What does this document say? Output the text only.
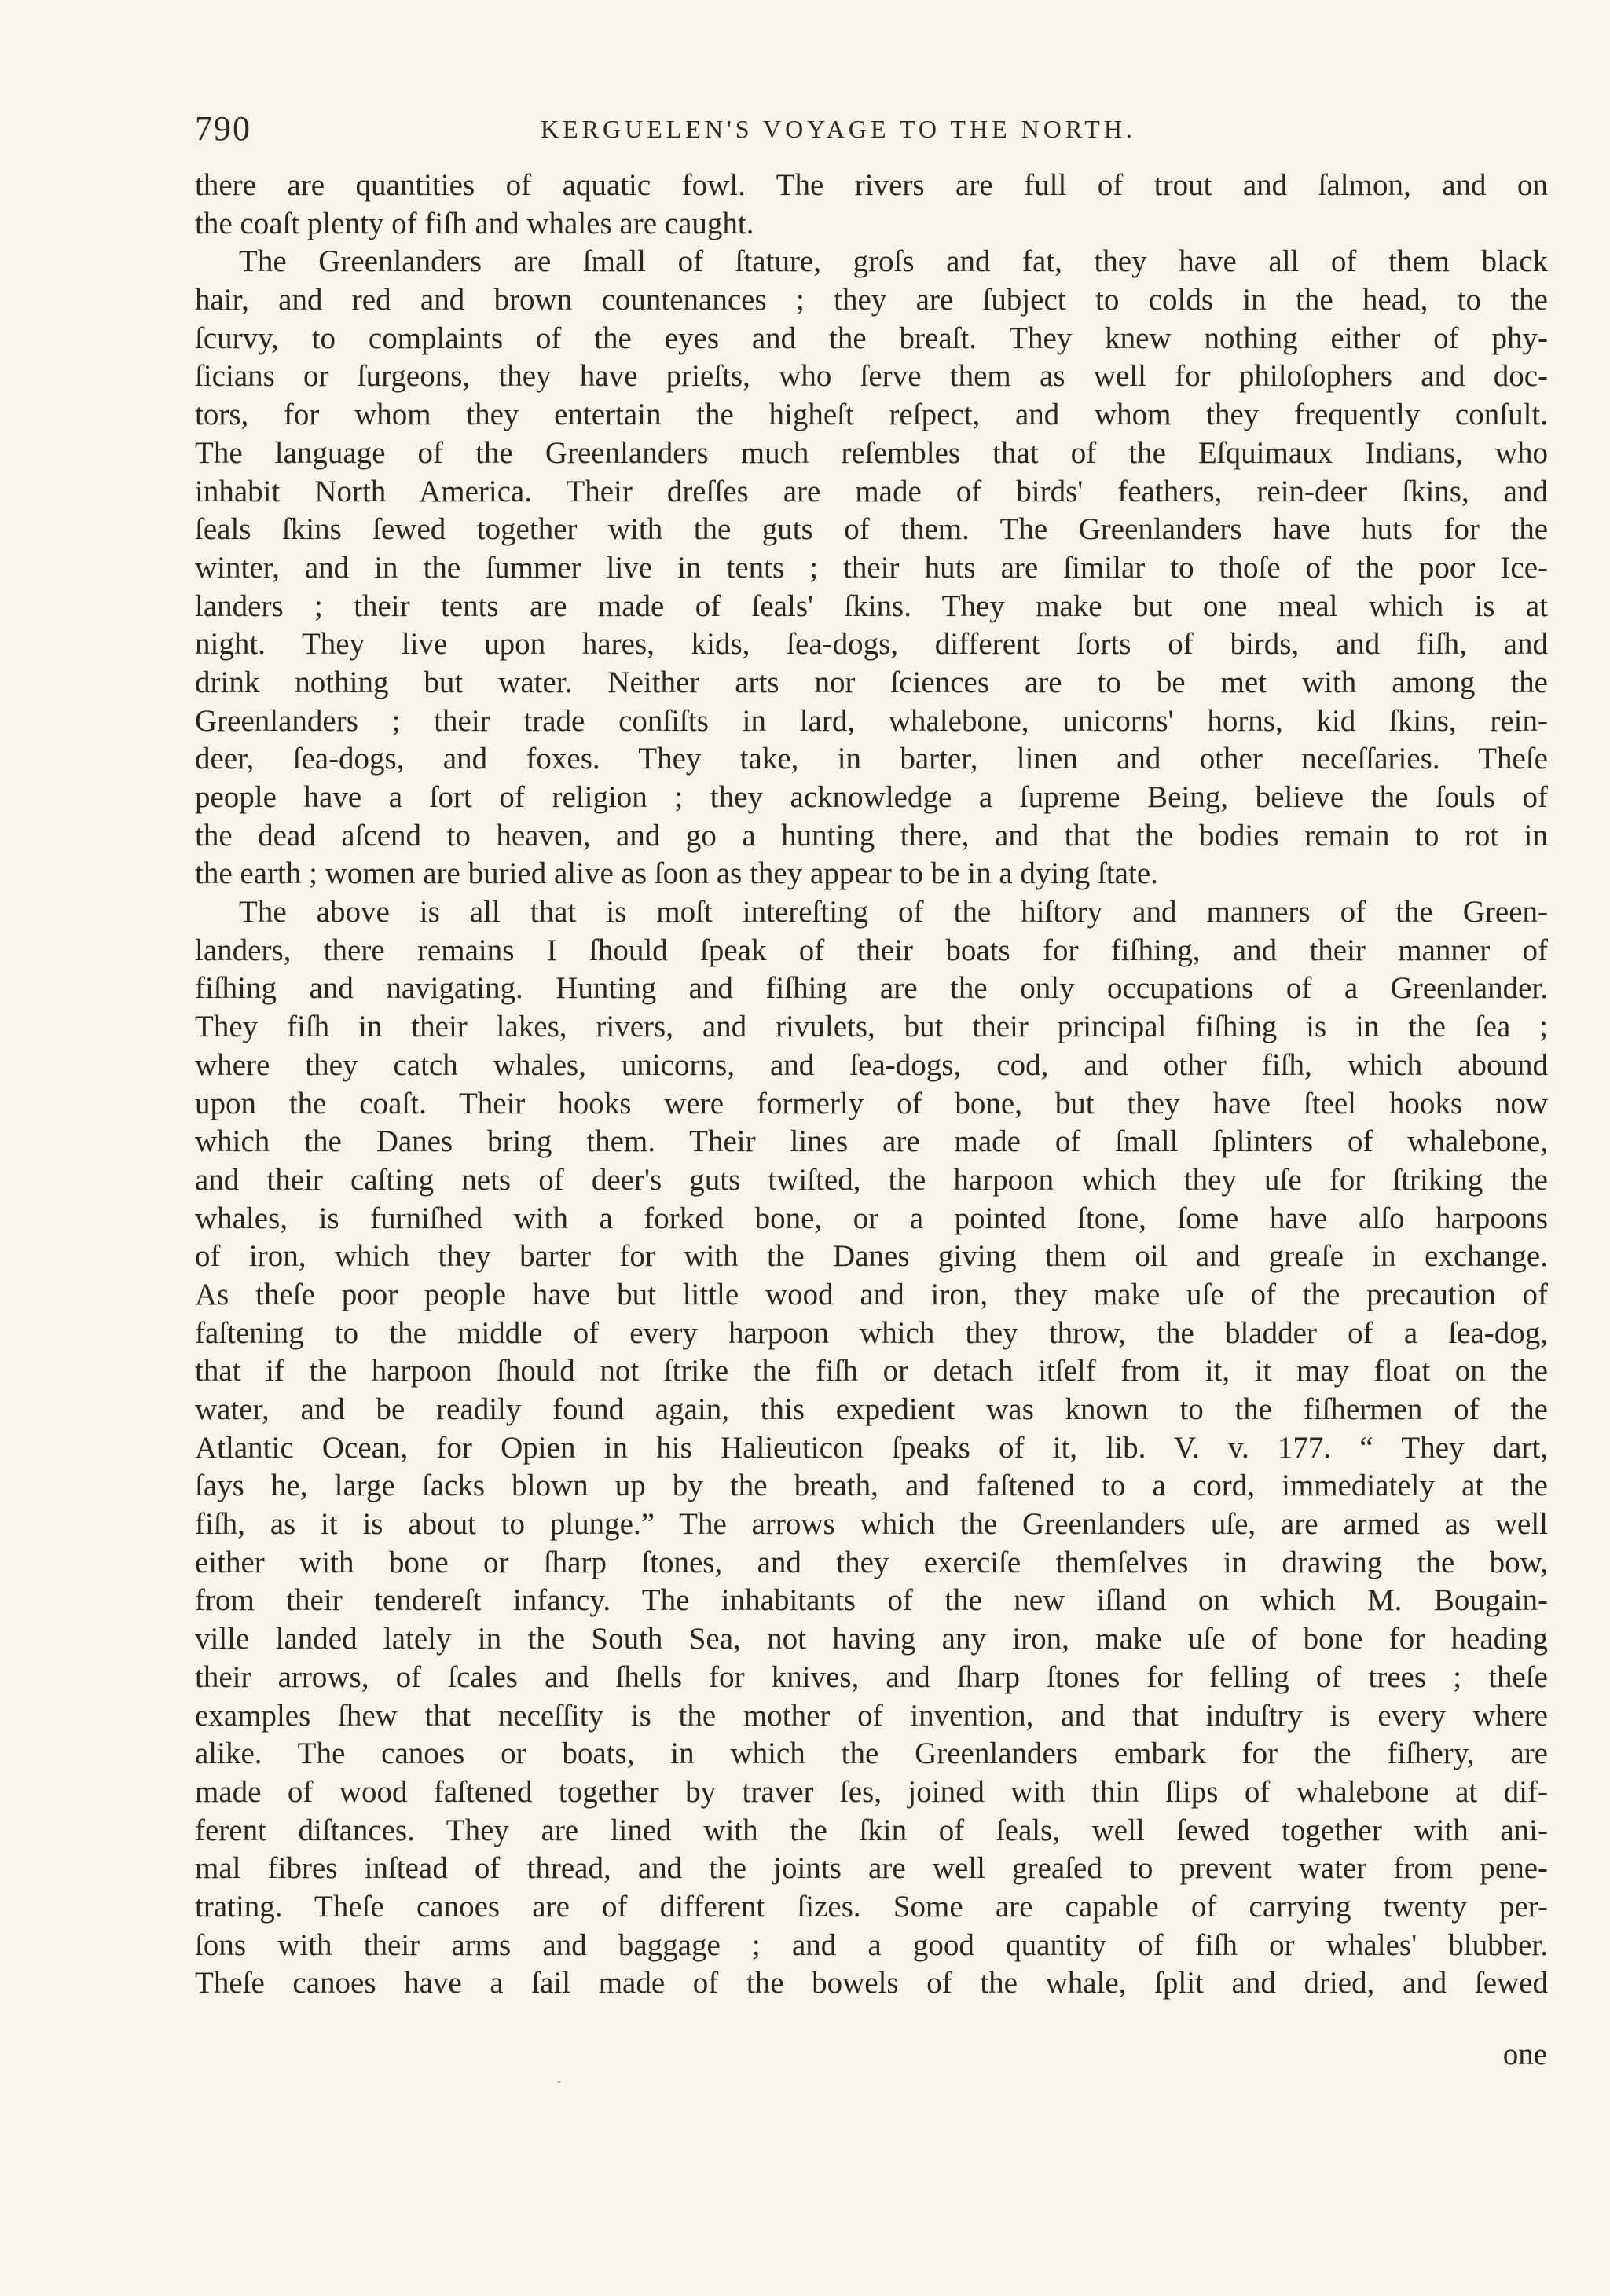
790	KERGUELEN'S VOYAGE TO THE NORTH.
there are quantities of aquatic fowl. The rivers are full of trout and ſalmon, and on
the coaſt plenty of fiſh and whales are caught.
The Greenlanders are ſmall of ſtature, groſs and fat, they have all of them black
hair, and red and brown countenances ; they are ſubject to colds in the head, to the
ſcurvy, to complaints of the eyes and the breaſt. They knew nothing either of phy-
ſicians or ſurgeons, they have prieſts, who ſerve them as well for philoſophers and doc-
tors, for whom they entertain the higheſt reſpect, and whom they frequently conſult.
The language of the Greenlanders much reſembles that of the Eſquimaux Indians, who
inhabit North America. Their dreſſes are made of birds' feathers, rein-deer ſkins, and
ſeals ſkins ſewed together with the guts of them. The Greenlanders have huts for the
winter, and in the ſummer live in tents ; their huts are ſimilar to thoſe of the poor Ice-
landers ; their tents are made of ſeals' ſkins. They make but one meal which is at
night. They live upon hares, kids, ſea-dogs, different ſorts of birds, and fiſh, and
drink nothing but water. Neither arts nor ſciences are to be met with among the
Greenlanders ; their trade conſiſts in lard, whalebone, unicorns' horns, kid ſkins, rein-
deer, ſea-dogs, and foxes. They take, in barter, linen and other neceſſaries. Theſe
people have a ſort of religion ; they acknowledge a ſupreme Being, believe the ſouls of
the dead aſcend to heaven, and go a hunting there, and that the bodies remain to rot in
the earth ; women are buried alive as ſoon as they appear to be in a dying ſtate.
The above is all that is moſt intereſting of the hiſtory and manners of the Green-
landers, there remains I ſhould ſpeak of their boats for fiſhing, and their manner of
fiſhing and navigating. Hunting and fiſhing are the only occupations of a Greenlander.
They fiſh in their lakes, rivers, and rivulets, but their principal fiſhing is in the ſea ;
where they catch whales, unicorns, and ſea-dogs, cod, and other fiſh, which abound
upon the coaſt. Their hooks were formerly of bone, but they have ſteel hooks now
which the Danes bring them. Their lines are made of ſmall ſplinters of whalebone,
and their caſting nets of deer's guts twiſted, the harpoon which they uſe for ſtriking the
whales, is furniſhed with a forked bone, or a pointed ſtone, ſome have alſo harpoons
of iron, which they barter for with the Danes giving them oil and greaſe in exchange.
As theſe poor people have but little wood and iron, they make uſe of the precaution of
faſtening to the middle of every harpoon which they throw, the bladder of a ſea-dog,
that if the harpoon ſhould not ſtrike the fiſh or detach itſelf from it, it may float on the
water, and be readily found again, this expedient was known to the fiſhermen of the
Atlantic Ocean, for Opien in his Halieuticon ſpeaks of it, lib. V. v. 177. “ They dart,
ſays he, large ſacks blown up by the breath, and faſtened to a cord, immediately at the
fiſh, as it is about to plunge.” The arrows which the Greenlanders uſe, are armed as well
either with bone or ſharp ſtones, and they exerciſe themſelves in drawing the bow,
from their tendereſt infancy. The inhabitants of the new iſland on which M. Bougain-
ville landed lately in the South Sea, not having any iron, make uſe of bone for heading
their arrows, of ſcales and ſhells for knives, and ſharp ſtones for felling of trees ; theſe
examples ſhew that neceſſity is the mother of invention, and that induſtry is every where
alike. The canoes or boats, in which the Greenlanders embark for the fiſhery, are
made of wood faſtened together by traver ſes, joined with thin ſlips of whalebone at dif-
ferent diſtances. They are lined with the ſkin of ſeals, well ſewed together with ani-
mal fibres inſtead of thread, and the joints are well greaſed to prevent water from pene-
trating. Theſe canoes are of different ſizes. Some are capable of carrying twenty per-
ſons with their arms and baggage ; and a good quantity of fiſh or whales' blubber.
Theſe canoes have a ſail made of the bowels of the whale, ſplit and dried, and ſewed
one
